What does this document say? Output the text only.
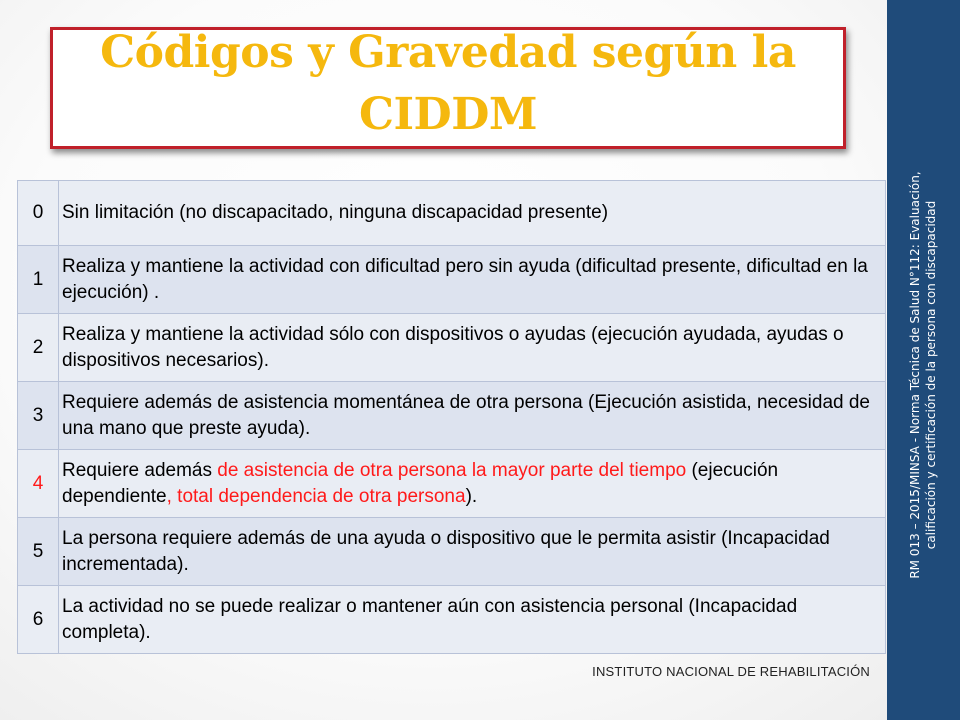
Códigos y Gravedad según la
CIDDM
0	Sin limitación (no discapacitado, ninguna discapacidad presente)
1	Realiza y mantiene la actividad con dificultad pero sin ayuda (dificultad presente, dificultad en la ejecución) .
2	Realiza y mantiene la actividad sólo con dispositivos o ayudas (ejecución ayudada, ayudas o dispositivos necesarios).
3	Requiere además de asistencia momentánea de otra persona (Ejecución asistida, necesidad de una mano que preste ayuda).
4	Requiere además de asistencia de otra persona la mayor parte del tiempo (ejecución dependiente, total dependencia de otra persona).
5	La persona requiere además de una ayuda o dispositivo que le permita asistir (Incapacidad incrementada).
6	La actividad no se puede realizar o mantener aún con asistencia personal (Incapacidad completa).
RM 013 – 2015/MINSA - Norma Técnica de Salud N°112: Evaluación, calificación y certificación de la persona con discapacidad
INSTITUTO NACIONAL DE REHABILITACIÓN
